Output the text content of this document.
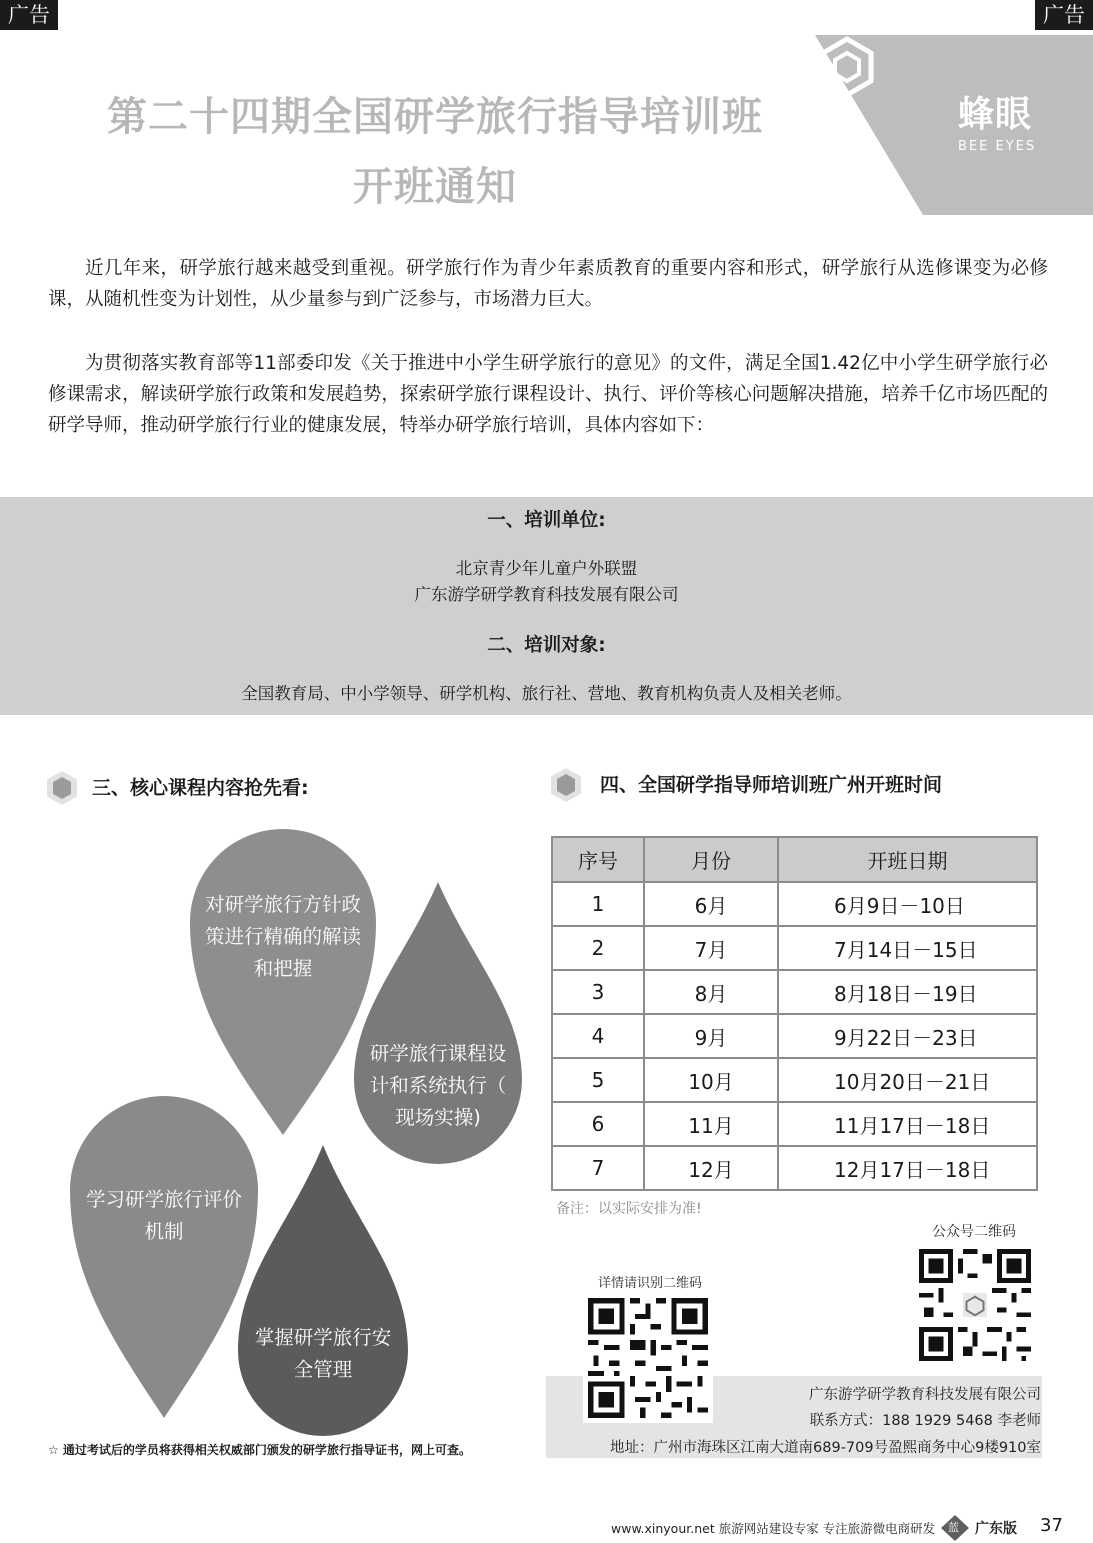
广告	广告
第二十四期全国研学旅行指导培训班
开班通知
蜂眼
BEE EYES

近几年来，研学旅行越来越受到重视。研学旅行作为青少年素质教育的重要内容和形式，研学旅行从选修课变为必修课，从随机性变为计划性，从少量参与到广泛参与，市场潜力巨大。

为贯彻落实教育部等11部委印发《关于推进中小学生研学旅行的意见》的文件，满足全国1.42亿中小学生研学旅行必修课需求，解读研学旅行政策和发展趋势，探索研学旅行课程设计、执行、评价等核心问题解决措施，培养千亿市场匹配的研学导师，推动研学旅行行业的健康发展，特举办研学旅行培训，具体内容如下：

一、培训单位:

北京青少年儿童户外联盟

广东游学研学教育科技发展有限公司

二、培训对象:

全国教育局、中小学领导、研学机构、旅行社、营地、教育机构负责人及相关老师。

三、核心课程内容抢先看:	四、全国研学指导师培训班广州开班时间
对研学旅行方针政
策进行精确的解读
和把握
研学旅行课程设
计和系统执行（
现场实操)
学习研学旅行评价
机制
掌握研学旅行安
全管理
序号	月份	开班日期
1	6月	6月9日－10日
2	7月	7月14日－15日
3	8月	8月18日－19日
4	9月	9月22日－23日
5	10月	10月20日－21日
6	11月	11月17日－18日
7	12月	12月17日－18日

备注：以实际安排为准!

详情请识别二维码

公众号二维码

广东游学研学教育科技发展有限公司

联系方式：188 1929 5468 李老师

地址：广州市海珠区江南大道南689-709号盈熙商务中心9楼910室

☆ 通过考试后的学员将获得相关权威部门颁发的研学旅行指导证书，网上可查。

www.xinyour.net 旅游网站建设专家 专注旅游微电商研发 蓝 广东版 37
